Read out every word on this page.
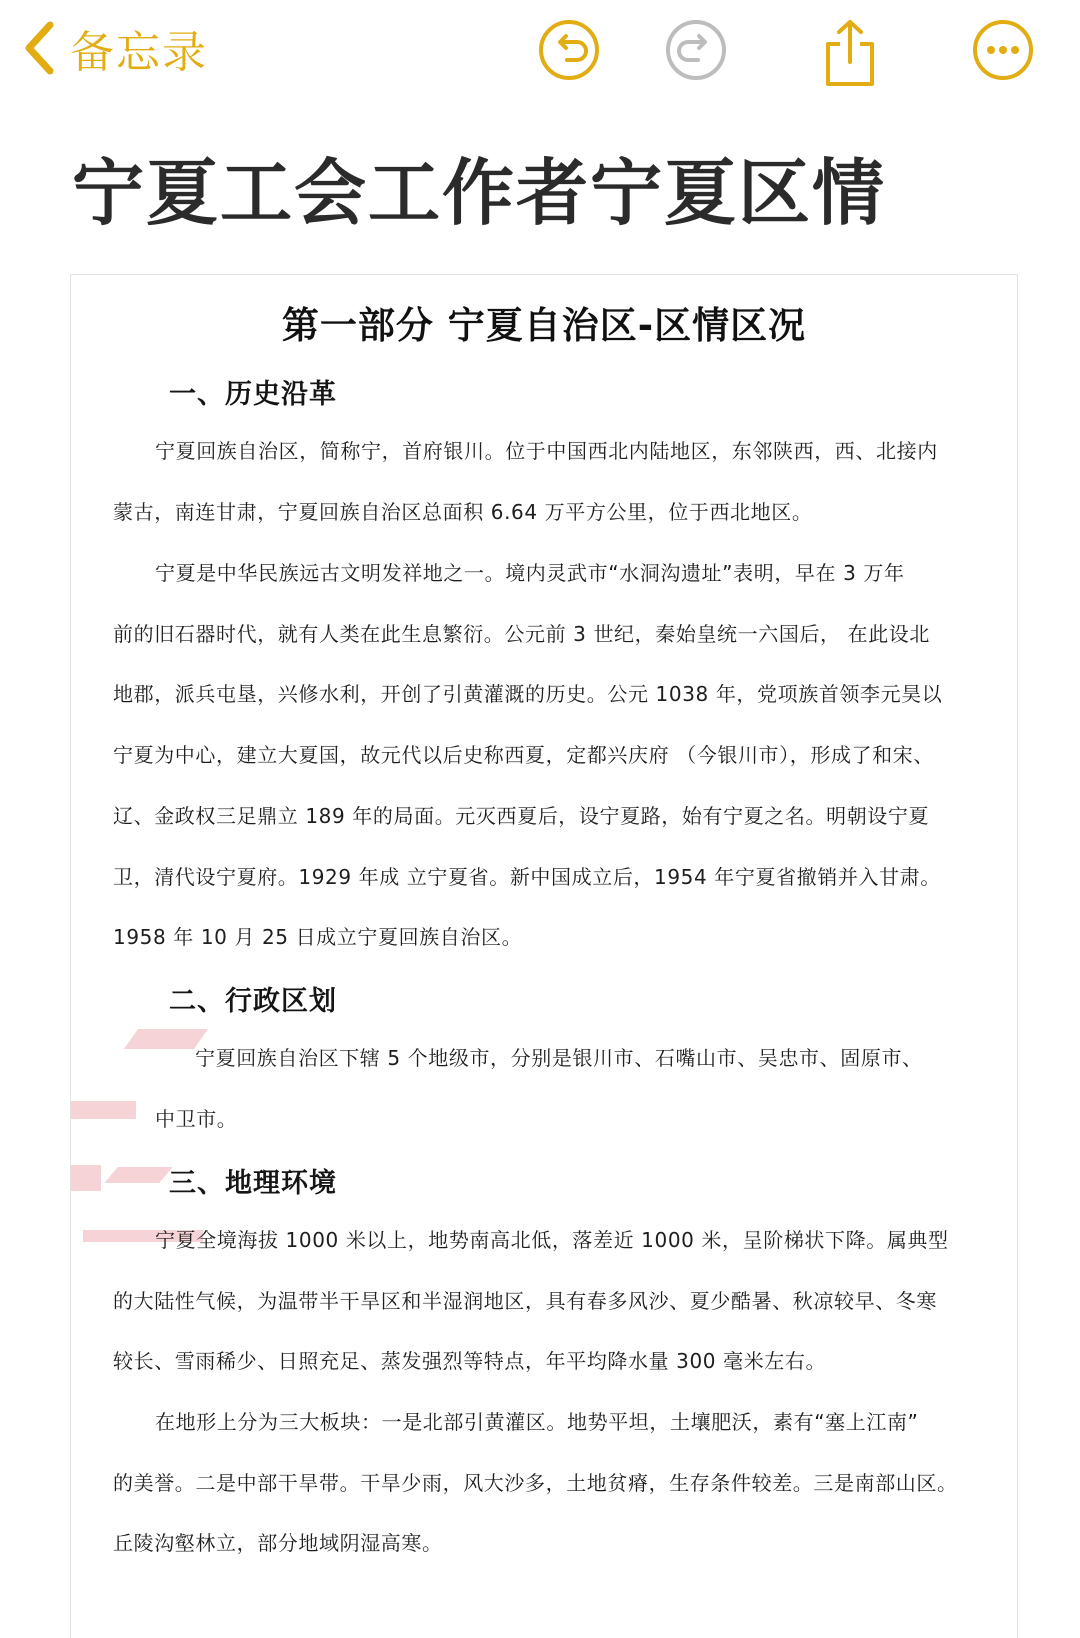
备忘录
宁夏工会工作者宁夏区情
第一部分 宁夏自治区-区情区况
一、历史沿革
宁夏回族自治区，简称宁，首府银川。位于中国西北内陆地区，东邻陕西，西、北接内
蒙古，南连甘肃，宁夏回族自治区总面积 6.64 万平方公里，位于西北地区。
宁夏是中华民族远古文明发祥地之一。境内灵武市“水洞沟遗址”表明，早在 3 万年
前的旧石器时代，就有人类在此生息繁衍。公元前 3 世纪，秦始皇统一六国后， 在此设北
地郡，派兵屯垦，兴修水利，开创了引黄灌溉的历史。公元 1038 年，党项族首领李元昊以
宁夏为中心，建立大夏国，故元代以后史称西夏，定都兴庆府 （今银川市），形成了和宋、
辽、金政权三足鼎立 189 年的局面。元灭西夏后，设宁夏路，始有宁夏之名。明朝设宁夏
卫，清代设宁夏府。1929 年成 立宁夏省。新中国成立后，1954 年宁夏省撤销并入甘肃。
1958 年 10 月 25 日成立宁夏回族自治区。
二、行政区划
宁夏回族自治区下辖 5 个地级市，分别是银川市、石嘴山市、吴忠市、固原市、
中卫市。
三、地理环境
宁夏全境海拔 1000 米以上，地势南高北低，落差近 1000 米，呈阶梯状下降。属典型
的大陆性气候，为温带半干旱区和半湿润地区，具有春多风沙、夏少酷暑、秋凉较早、冬寒
较长、雪雨稀少、日照充足、蒸发强烈等特点，年平均降水量 300 毫米左右。
在地形上分为三大板块：一是北部引黄灌区。地势平坦，土壤肥沃，素有“塞上江南”
的美誉。二是中部干旱带。干旱少雨，风大沙多，土地贫瘠，生存条件较差。三是南部山区。
丘陵沟壑林立，部分地域阴湿高寒。
